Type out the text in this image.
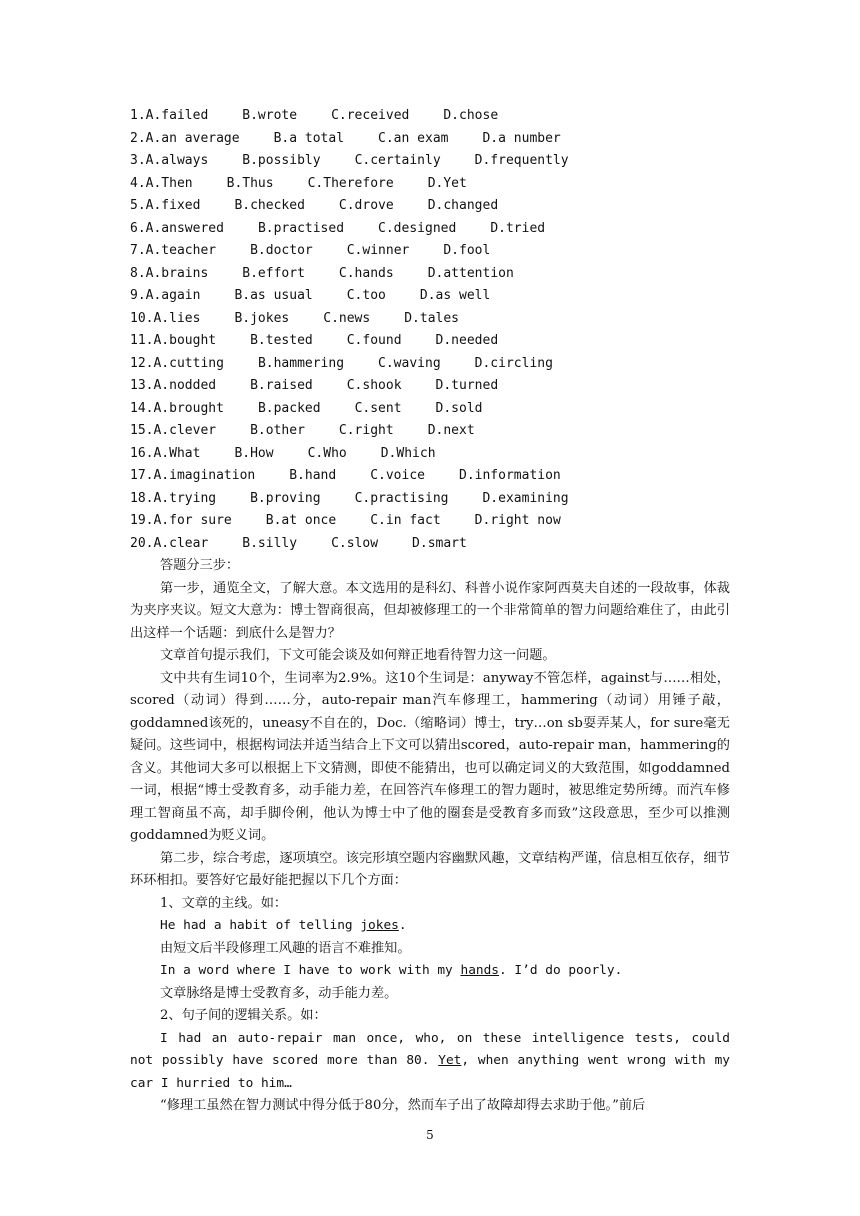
1.A.failed	B.wrote	C.received	D.chose
2.A.an average	B.a total	C.an exam	D.a number
3.A.always	B.possibly	C.certainly	D.frequently
4.A.Then	B.Thus	C.Therefore	D.Yet
5.A.fixed	B.checked	C.drove	D.changed
6.A.answered	B.practised	C.designed	D.tried
7.A.teacher	B.doctor	C.winner	D.fool
8.A.brains	B.effort	C.hands	D.attention
9.A.again	B.as usual	C.too	D.as well
10.A.lies	B.jokes	C.news	D.tales
11.A.bought	B.tested	C.found	D.needed
12.A.cutting	B.hammering	C.waving	D.circling
13.A.nodded	B.raised	C.shook	D.turned
14.A.brought	B.packed	C.sent	D.sold
15.A.clever	B.other	C.right	D.next
16.A.What	B.How	C.Who	D.Which
17.A.imagination	B.hand	C.voice	D.information
18.A.trying	B.proving	C.practising	D.examining
19.A.for sure	B.at once	C.in fact	D.right now
20.A.clear	B.silly	C.slow	D.smart

答题分三步：

第一步，通览全文，了解大意。本文选用的是科幻、科普小说作家阿西莫夫自述的一段故事，体裁为夹序夹议。短文大意为：博士智商很高，但却被修理工的一个非常简单的智力问题给难住了，由此引出这样一个话题：到底什么是智力？

文章首句提示我们，下文可能会谈及如何辩正地看待智力这一问题。

文中共有生词10个，生词率为2.9%。这10个生词是：anyway不管怎样，against与……相处，scored（动词）得到……分，auto-repair man汽车修理工，hammering（动词）用锤子敲，goddamned该死的，uneasy不自在的，Doc.（缩略词）博士，try…on sb耍弄某人，for sure毫无疑问。这些词中，根据构词法并适当结合上下文可以猜出scored，auto-repair man，hammering的含义。其他词大多可以根据上下文猜测，即使不能猜出，也可以确定词义的大致范围，如goddamned一词，根据“博士受教育多，动手能力差，在回答汽车修理工的智力题时，被思维定势所缚。而汽车修理工智商虽不高，却手脚伶俐，他认为博士中了他的圈套是受教育多而致”这段意思，至少可以推测goddamned为贬义词。

第二步，综合考虑，逐项填空。该完形填空题内容幽默风趣，文章结构严谨，信息相互依存，细节环环相扣。要答好它最好能把握以下几个方面：

1、文章的主线。如：

He had a habit of telling jokes.

由短文后半段修理工风趣的语言不难推知。

In a word where I have to work with my hands. I’d do poorly.

文章脉络是博士受教育多，动手能力差。

2、句子间的逻辑关系。如：

I had an auto-repair man once, who, on these intelligence tests, could not possibly have scored more than 80. Yet, when anything went wrong with my car I hurried to him…

“修理工虽然在智力测试中得分低于80分，然而车子出了故障却得去求助于他。”前后

5
